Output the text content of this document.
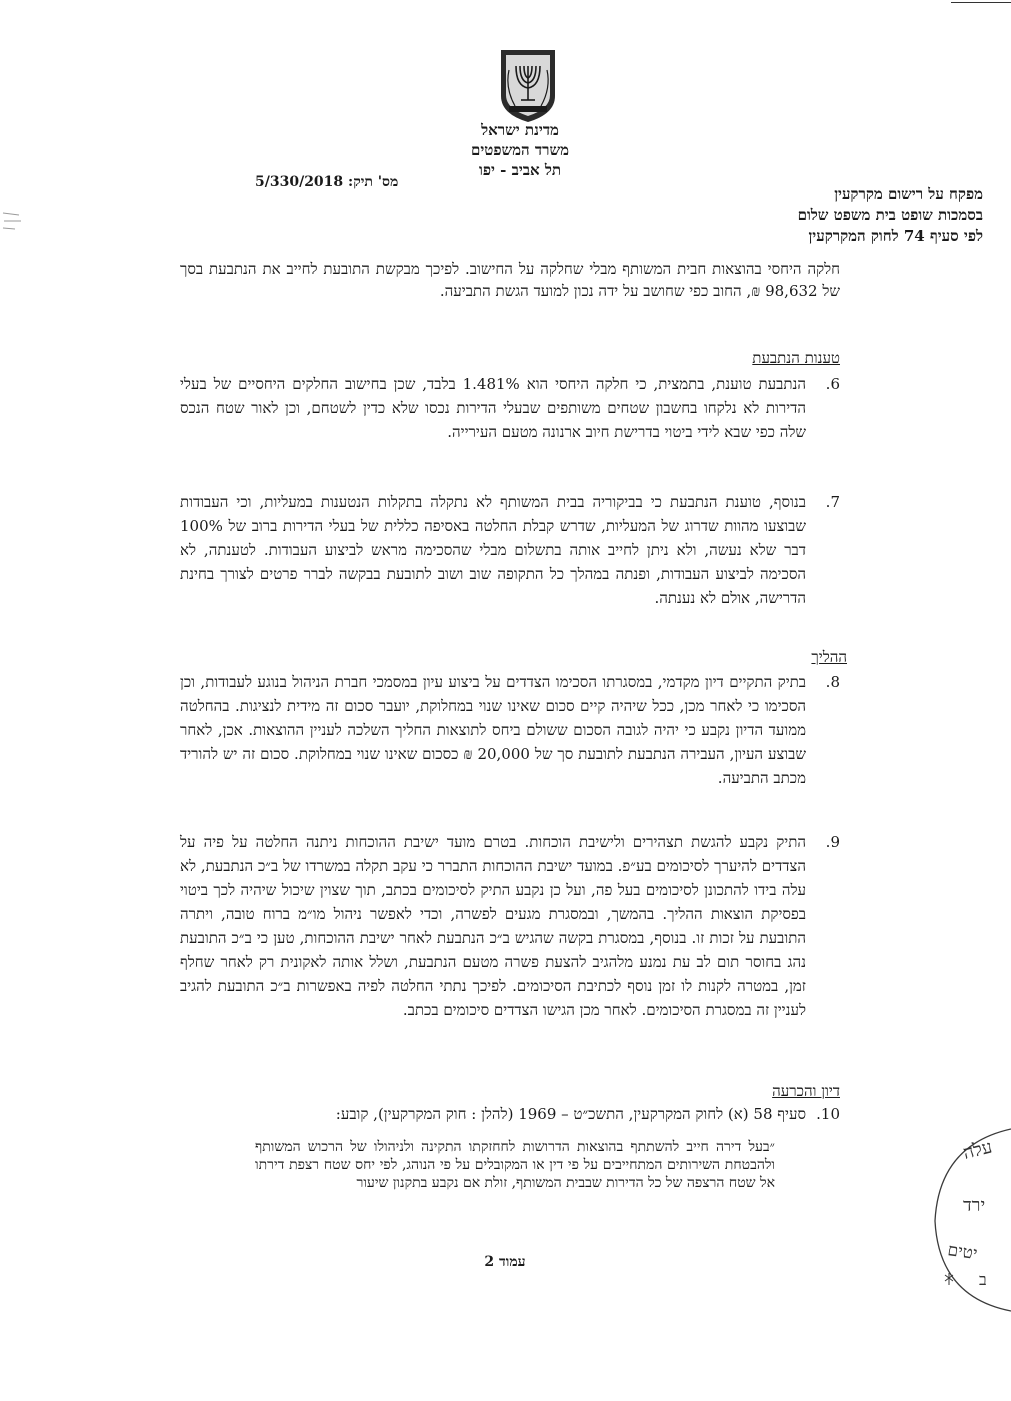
מדינת ישראל
משרד המשפטים
תל אביב - יפו
מס' תיק: 5/330/2018
מפקח על רישום מקרקעין
בסמכות שופט בית משפט שלום
לפי סעיף 74 לחוק המקרקעין
חלקה היחסי בהוצאות חבית המשותף מבלי שחלקה על החישוב. לפיכך מבקשת התובעת לחייב את הנתבעת בסך של 98,632 ₪, החוב כפי שחושב על ידה נכון למועד הגשת התביעה.
טענות הנתבעת
6.
הנתבעת טוענת, בתמצית, כי חלקה היחסי הוא 1.481% בלבד, שכן בחישוב החלקים היחסיים של בעלי הדירות לא נלקחו בחשבון שטחים משותפים שבעלי הדירות נכסו שלא כדין לשטחם, וכן לאור שטח הנכס שלה כפי שבא לידי ביטוי בדרישת חיוב ארנונה מטעם העירייה.
7.
בנוסף, טוענת הנתבעת כי בביקוריה בבית המשותף לא נתקלה בתקלות הנטענות במעליות, וכי העבודות שבוצעו מהוות שדרוג של המעליות, שדרש קבלת החלטה באסיפה כללית של בעלי הדירות ברוב של 100% דבר שלא נעשה, ולא ניתן לחייב אותה בתשלום מבלי שהסכימה מראש לביצוע העבודות. לטענתה, לא הסכימה לביצוע העבודות, ופנתה במהלך כל התקופה שוב ושוב לתובעת בבקשה לברר פרטים לצורך בחינת הדרישה, אולם לא נענתה.
ההליך
8.
בתיק התקיים דיון מקדמי, במסגרתו הסכימו הצדדים על ביצוע עיון במסמכי חברת הניהול בנוגע לעבודות, וכן הסכימו כי לאחר מכן, ככל שיהיה קיים סכום שאינו שנוי במחלוקת, יועבר סכום זה מידית לנציגות. בהחלטה ממועד הדיון נקבע כי יהיה לגובה הסכום ששולם ביחס לתוצאות החליך השלכה לעניין ההוצאות. אכן, לאחר שבוצע העיון, העבירה הנתבעת לתובעת סך של 20,000 ₪ כסכום שאינו שנוי במחלוקת. סכום זה יש להוריד מכתב התביעה.
9.
התיק נקבע להגשת תצהירים ולישיבת הוכחות. בטרם מועד ישיבת ההוכחות ניתנה החלטה על פיה על הצדדים להיערך לסיכומים בע״פ. במועד ישיבת ההוכחות התברר כי עקב תקלה במשרדו של ב״כ הנתבעת, לא עלה בידו להתכונן לסיכומים בעל פה, ועל כן נקבע התיק לסיכומים בכתב, תוך שצוין שיכול שיהיה לכך ביטוי בפסיקת הוצאות ההליך. בהמשך, ובמסגרת מגעים לפשרה, וכדי לאפשר ניהול מו״מ ברוח טובה, ויתרה התובעת על זכות זו. בנוסף, במסגרת בקשה שהגיש ב״כ הנתבעת לאחר ישיבת ההוכחות, טען כי ב״כ התובעת נהג בחוסר תום לב עת נמנע מלהגיב להצעת פשרה מטעם הנתבעת, ושלל אותה לאקונית רק לאחר שחלף זמן, במטרה לקנות לו זמן נוסף לכתיבת הסיכומים. לפיכך נתתי החלטה לפיה באפשרות ב״כ התובעת להגיב לעניין זה במסגרת הסיכומים. לאחר מכן הגישו הצדדים סיכומים בכתב.
דיון והכרעה
10.
סעיף 58 (א) לחוק המקרקעין, התשכ״ט – 1969 (להלן : חוק המקרקעין), קובע:
״בעל דירה חייב להשתתף בהוצאות הדרושות לחחזקתו התקינה ולניהולו של הרכוש המשותף ולהבטחת השירותים המתחייבים על פי דין או המקובלים על פי הנוהג, לפי יחס שטח רצפת דירתו אל שטח הרצפה של כל הדירות שבבית המשותף, זולת אם נקבע בתקנון שיעור
עמוד 2
עלה
ירד
יטים
ב
